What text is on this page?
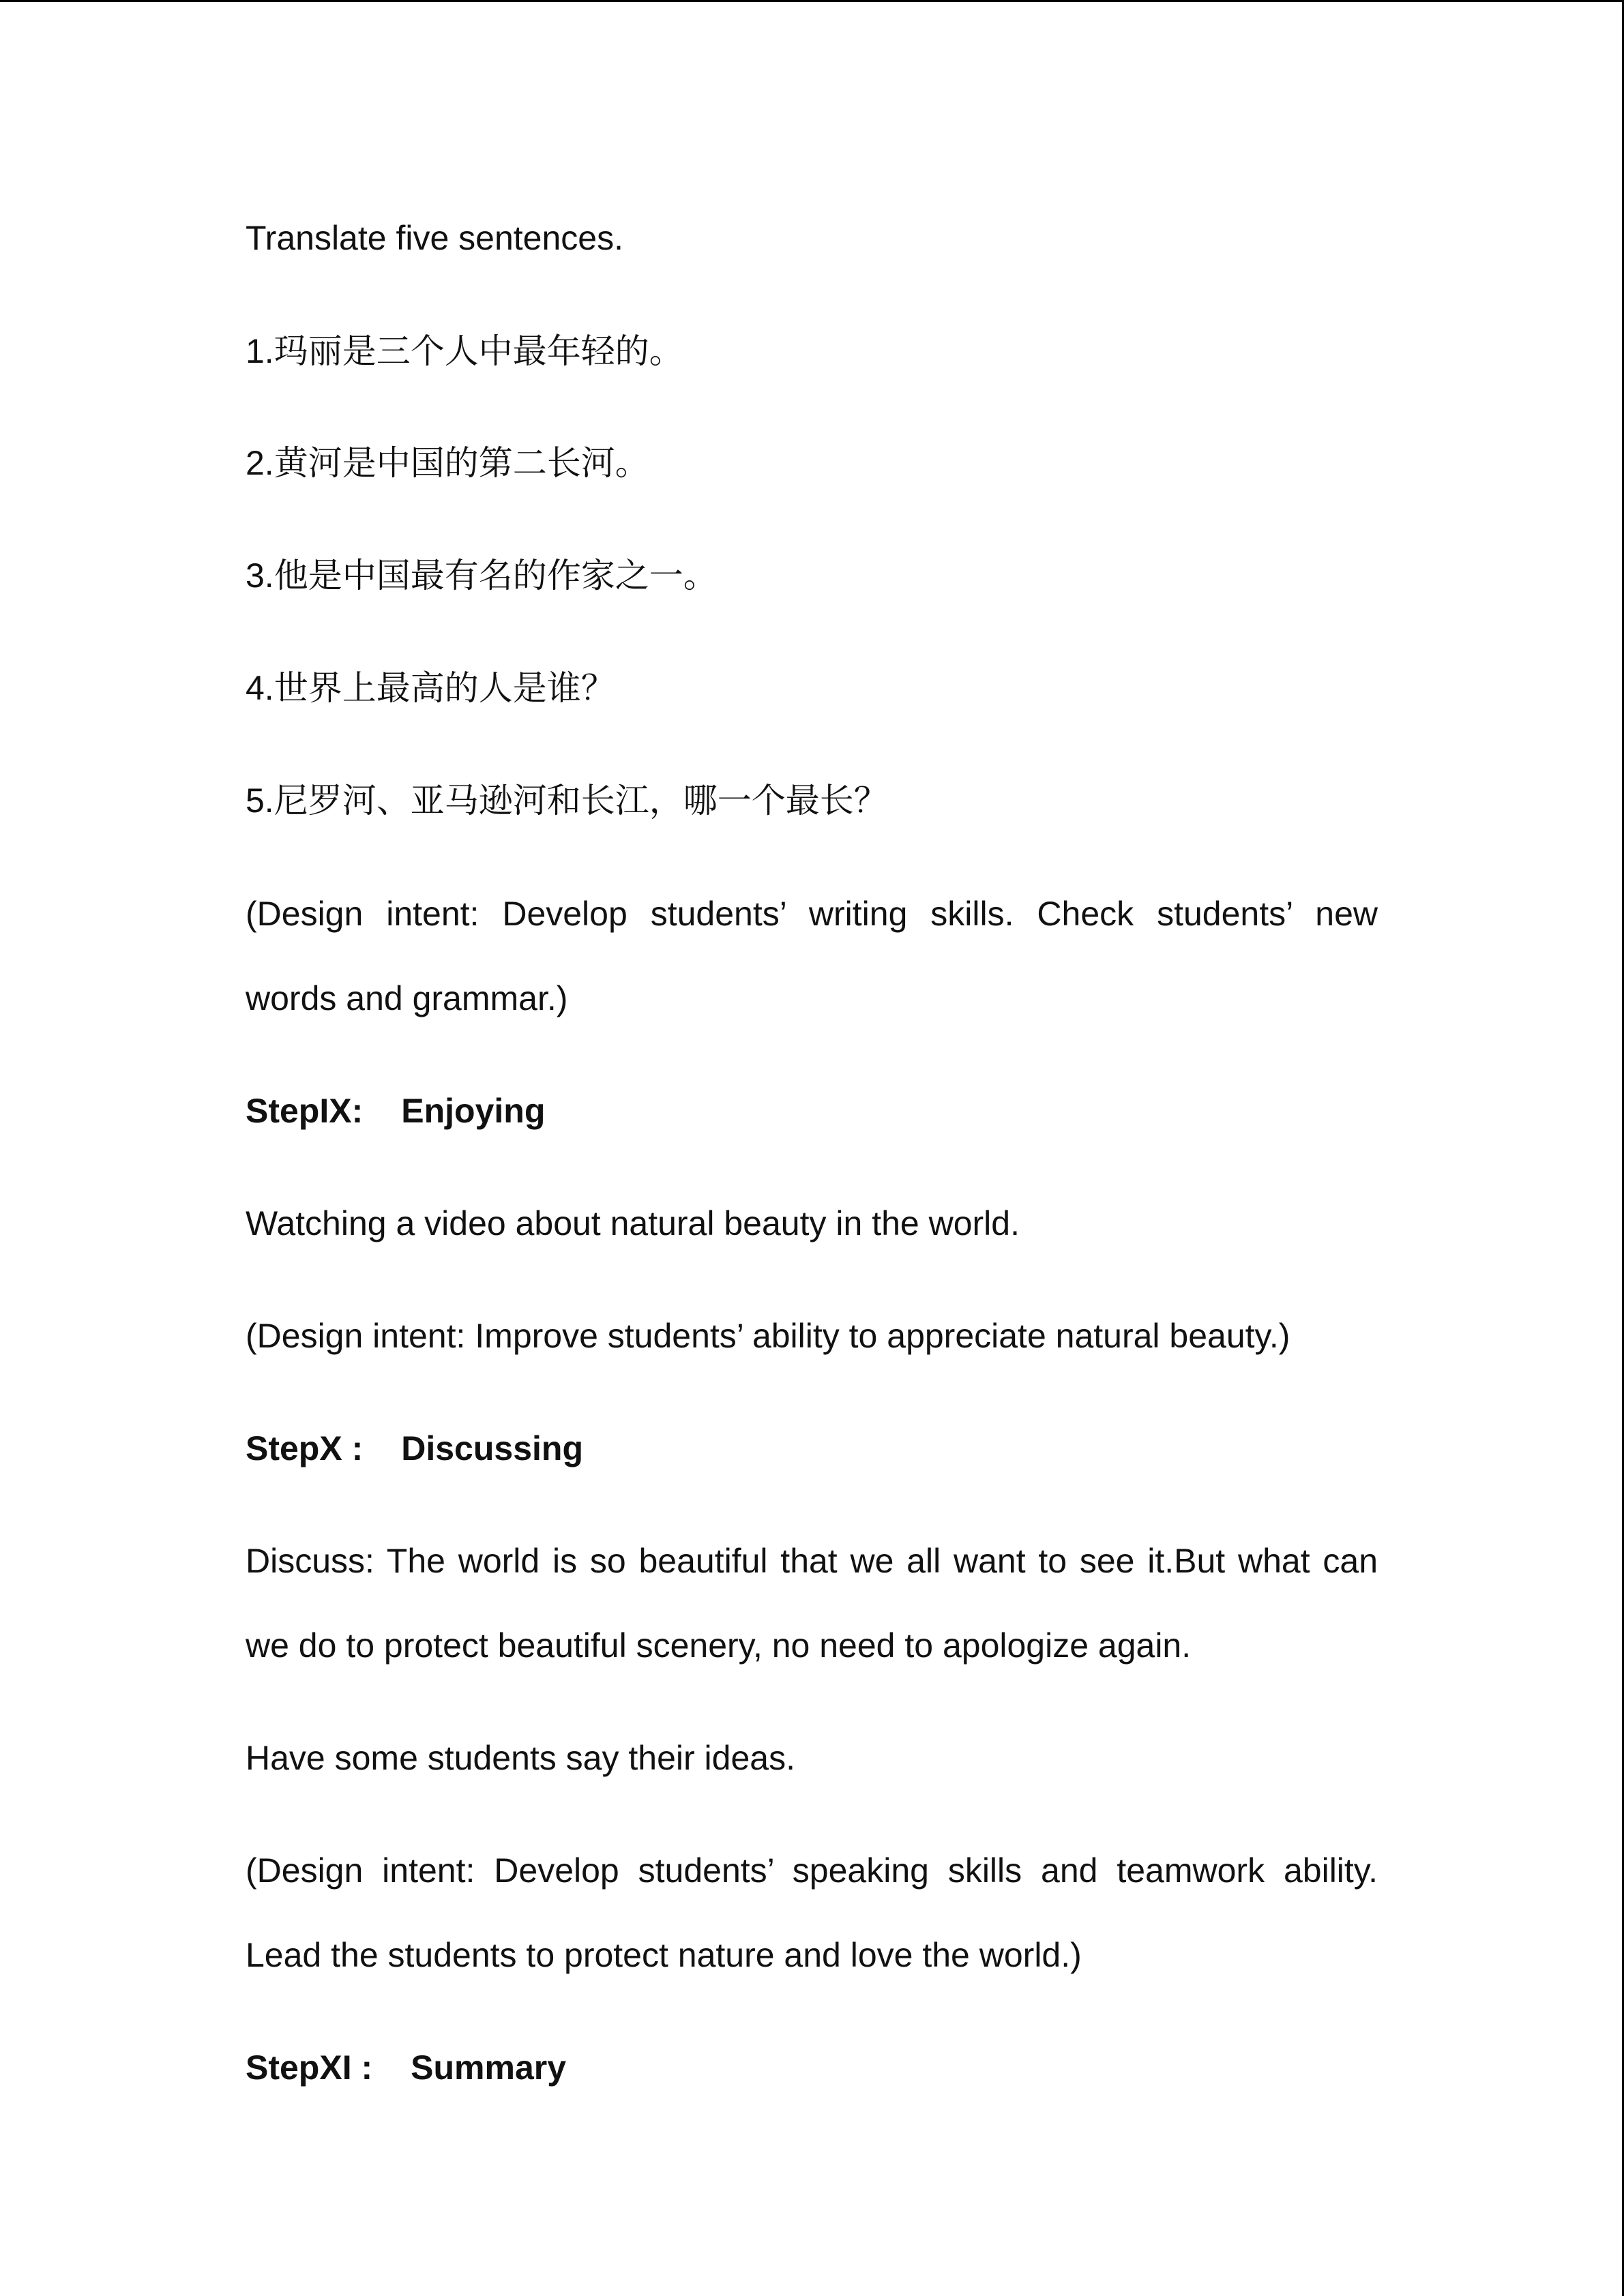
Translate five sentences.

1.玛丽是三个人中最年轻的。

2.黄河是中国的第二长河。

3.他是中国最有名的作家之一。

4.世界上最高的人是谁？

5.尼罗河、亚马逊河和长江，哪一个最长？

(Design intent: Develop students’ writing skills. Check students’ new

words and grammar.)

StepIX: Enjoying

Watching a video about natural beauty in the world.

(Design intent: Improve students’ ability to appreciate natural beauty.)

StepX : Discussing

Discuss: The world is so beautiful that we all want to see it.But what can

we do to protect beautiful scenery, no need to apologize again.

Have some students say their ideas.

(Design intent: Develop students’ speaking skills and teamwork ability.

Lead the students to protect nature and love the world.)

StepXI : Summary
